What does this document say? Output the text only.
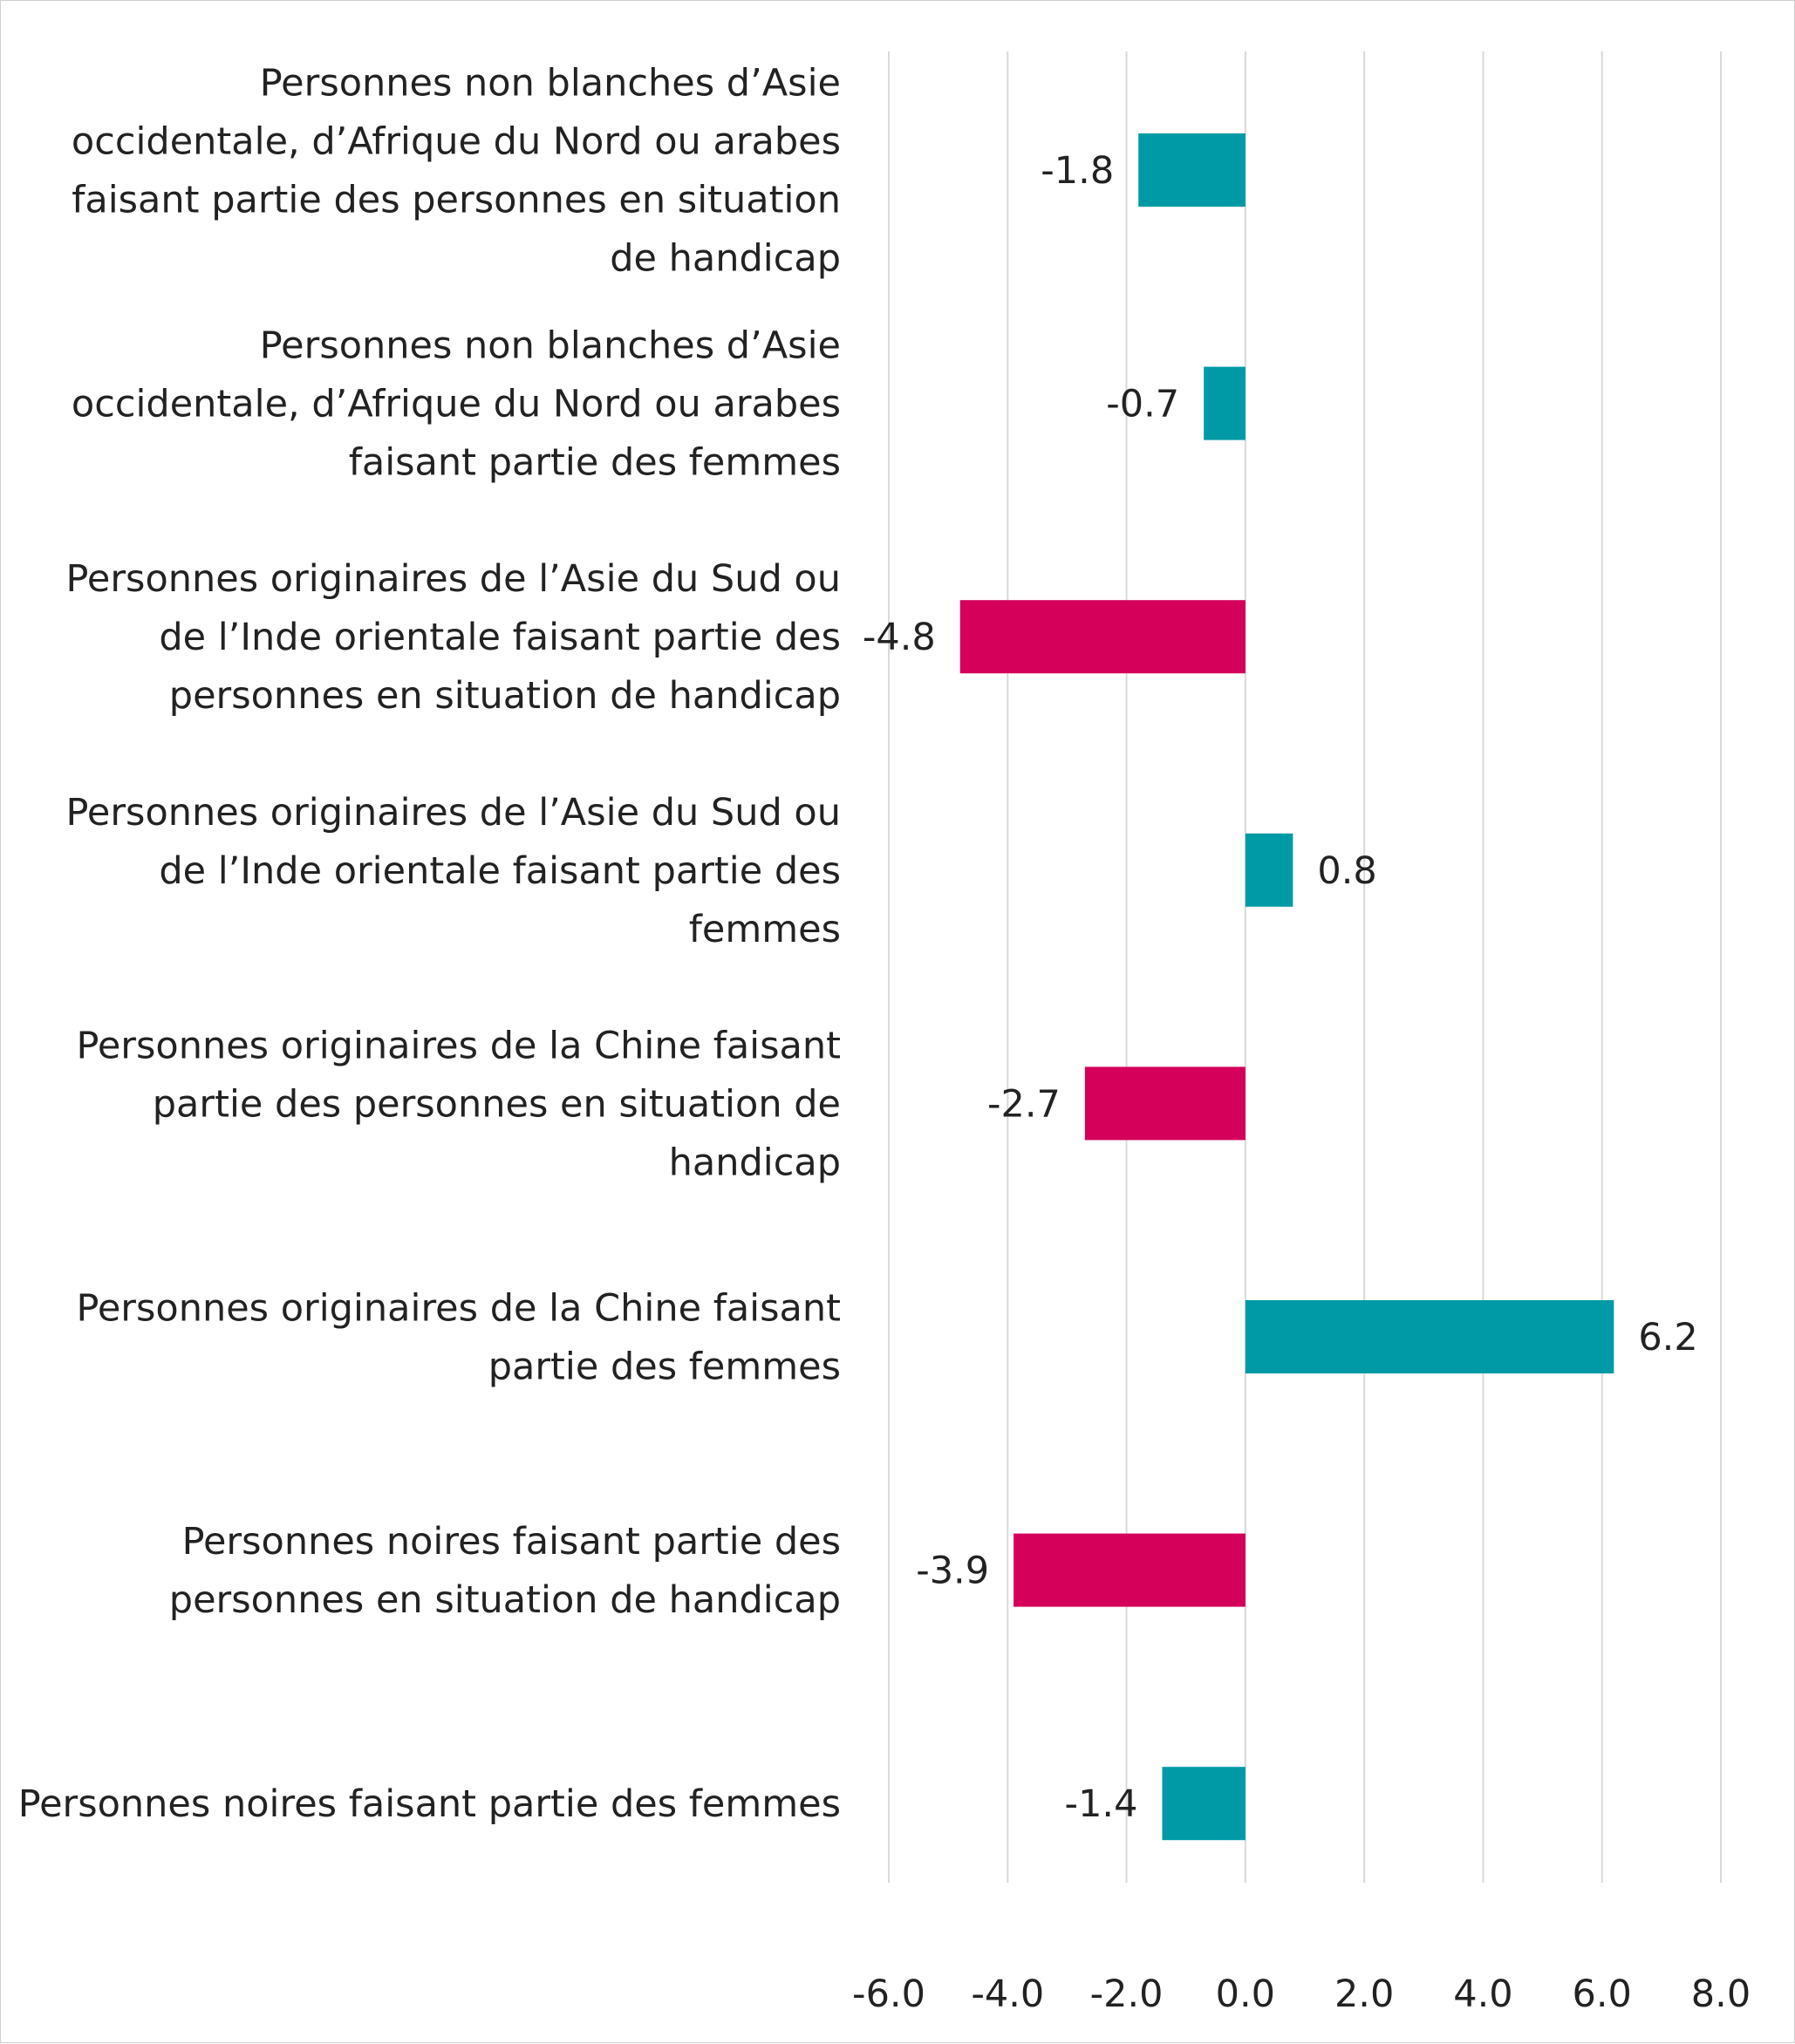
-6.0 -4.0 -2.0 0.0 2.0 4.0 6.0 8.0
-1.8
Personnes non blanches d’Asie occidentale, d’Afrique du Nord ou arabes faisant partie des personnes en situation de handicap
-0.7
Personnes non blanches d’Asie occidentale, d’Afrique du Nord ou arabes faisant partie des femmes
-4.8
Personnes originaires de l’Asie du Sud ou de l’Inde orientale faisant partie des personnes en situation de handicap
0.8
Personnes originaires de l’Asie du Sud ou de l’Inde orientale faisant partie des femmes
-2.7
Personnes originaires de la Chine faisant partie des personnes en situation de handicap
6.2
Personnes originaires de la Chine faisant partie des femmes
-3.9
Personnes noires faisant partie des personnes en situation de handicap
-1.4
Personnes noires faisant partie des femmes
